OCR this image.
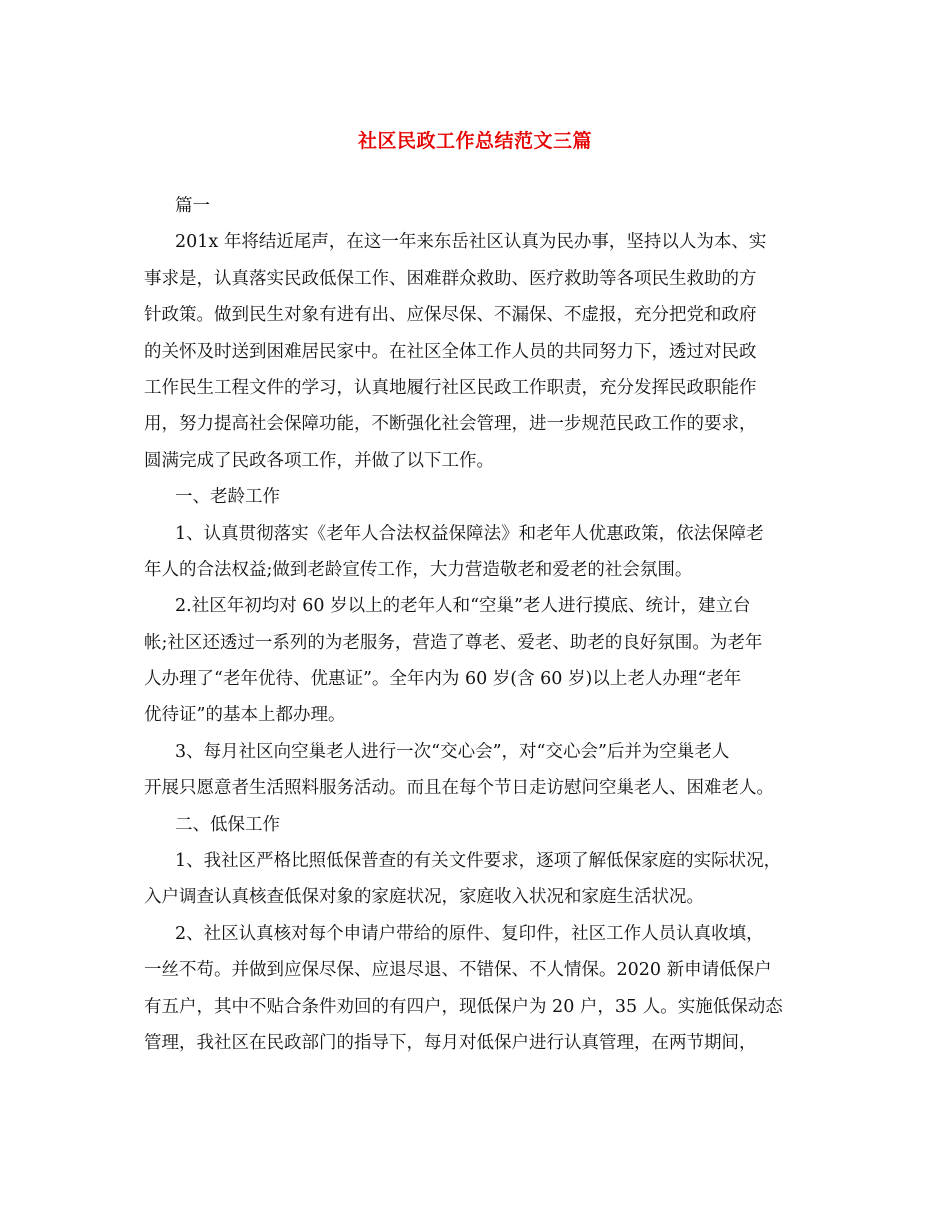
社区民政工作总结范文三篇
篇一
201x 年将结近尾声，在这一年来东岳社区认真为民办事，坚持以人为本、实
事求是，认真落实民政低保工作、困难群众救助、医疗救助等各项民生救助的方
针政策。做到民生对象有进有出、应保尽保、不漏保、不虚报，充分把党和政府
的关怀及时送到困难居民家中。在社区全体工作人员的共同努力下，透过对民政
工作民生工程文件的学习，认真地履行社区民政工作职责，充分发挥民政职能作
用，努力提高社会保障功能，不断强化社会管理，进一步规范民政工作的要求，
圆满完成了民政各项工作，并做了以下工作。
一、老龄工作
1、认真贯彻落实《老年人合法权益保障法》和老年人优惠政策，依法保障老
年人的合法权益;做到老龄宣传工作，大力营造敬老和爱老的社会氛围。
2.社区年初均对 60 岁以上的老年人和“空巢”老人进行摸底、统计，建立台
帐;社区还透过一系列的为老服务，营造了尊老、爱老、助老的良好氛围。为老年
人办理了“老年优待、优惠证”。全年内为 60 岁(含 60 岁)以上老人办理“老年
优待证”的基本上都办理。
3、每月社区向空巢老人进行一次“交心会”，对“交心会”后并为空巢老人
开展只愿意者生活照料服务活动。而且在每个节日走访慰问空巢老人、困难老人。
二、低保工作
1、我社区严格比照低保普查的有关文件要求，逐项了解低保家庭的实际状况，
入户调查认真核查低保对象的家庭状况，家庭收入状况和家庭生活状况。
2、社区认真核对每个申请户带给的原件、复印件，社区工作人员认真收填，
一丝不苟。并做到应保尽保、应退尽退、不错保、不人情保。2020 新申请低保户
有五户，其中不贴合条件劝回的有四户，现低保户为 20 户，35 人。实施低保动态
管理，我社区在民政部门的指导下，每月对低保户进行认真管理，在两节期间，
